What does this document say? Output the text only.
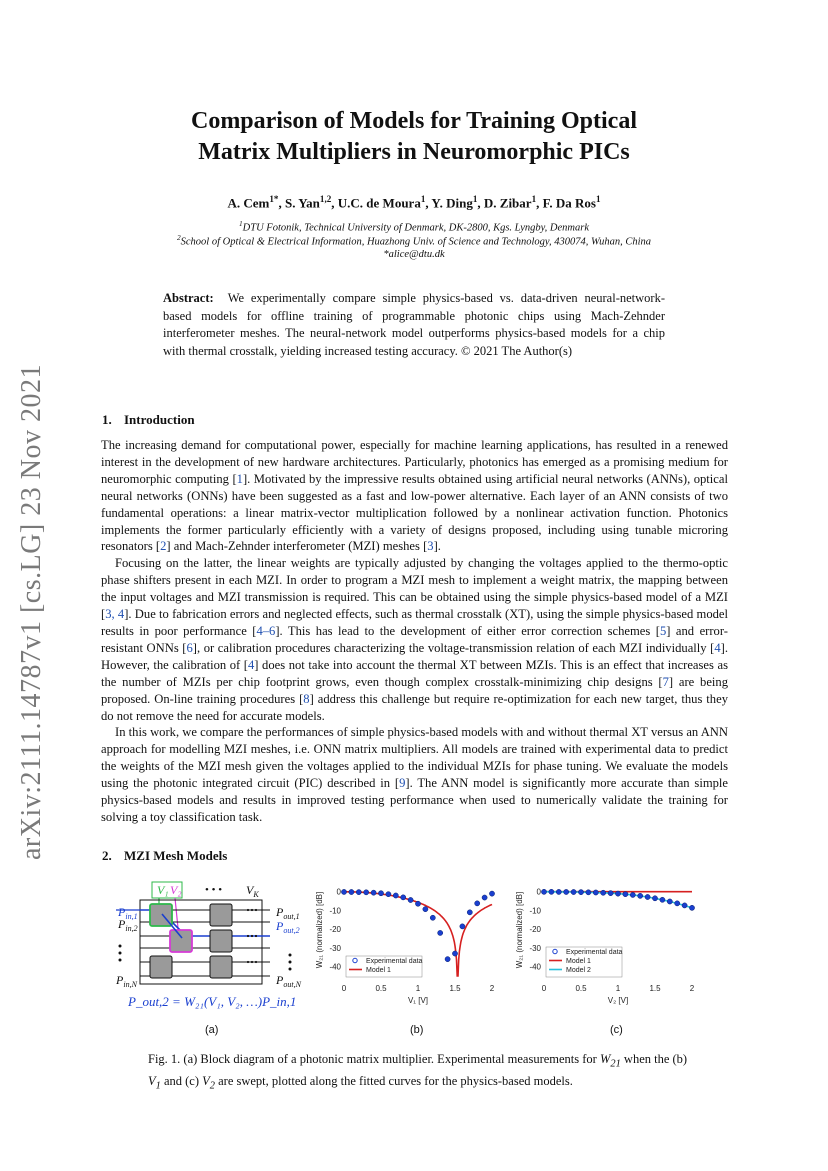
arXiv:2111.14787v1 [cs.LG] 23 Nov 2021
Comparison of Models for Training Optical
Matrix Multipliers in Neuromorphic PICs
A. Cem$^{1*}$, S. Yan$^{1,2}$, U.C. de Moura$^1$, Y. Ding$^1$, D. Zibar$^1$, F. Da Ros$^1$
$^1$DTU Fotonik, Technical University of Denmark, DK-2800, Kgs. Lyngby, Denmark
$^2$School of Optical & Electrical Information, Huazhong Univ. of Science and Technology, 430074, Wuhan, China
*alice@dtu.dk
Abstract: We experimentally compare simple physics-based vs. data-driven neural-network-based models for offline training of programmable photonic chips using Mach-Zehnder interferometer meshes. The neural-network model outperforms physics-based models for a chip with thermal crosstalk, yielding increased testing accuracy. © 2021 The Author(s)
1. Introduction

The increasing demand for computational power, especially for machine learning applications, has resulted in a renewed interest in the development of new hardware architectures. Particularly, photonics has emerged as a promising medium for neuromorphic computing [1]. Motivated by the impressive results obtained using artificial neural networks (ANNs), optical neural networks (ONNs) have been suggested as a fast and low-power alternative. Each layer of an ANN consists of two fundamental operations: a linear matrix-vector multiplication followed by a nonlinear activation function. Photonics implements the former particularly efficiently with a variety of designs proposed, including using tunable microring resonators [2] and Mach-Zehnder interferometer (MZI) meshes [3].

Focusing on the latter, the linear weights are typically adjusted by changing the voltages applied to the thermo-optic phase shifters present in each MZI. In order to program a MZI mesh to implement a weight matrix, the mapping between the input voltages and MZI transmission is required. This can be obtained using the simple physics-based model of a MZI [3, 4]. Due to fabrication errors and neglected effects, such as thermal crosstalk (XT), using the simple physics-based model results in poor performance [4–6]. This has lead to the development of either error correction schemes [5] and error-resistant ONNs [6], or calibration procedures characterizing the voltage-transmission relation of each MZI individually [4]. However, the calibration of [4] does not take into account the thermal XT between MZIs. This is an effect that increases as the number of MZIs per chip footprint grows, even though complex crosstalk-minimizing chip designs [7] are being proposed. On-line training procedures [8] address this challenge but require re-optimization for each new target, thus they do not remove the need for accurate models.

In this work, we compare the performances of simple physics-based models with and without thermal XT versus an ANN approach for modelling MZI meshes, i.e. ONN matrix multipliers. All models are trained with experimental data to predict the weights of the MZI mesh given the voltages applied to the individual MZIs for phase tuning. We evaluate the models using the photonic integrated circuit (PIC) described in [9]. The ANN model is significantly more accurate than simple physics-based models and results in improved testing performance when used to numerically validate the training for solving a toy classification task.

2. MZI Mesh Models
V₁ V₂ • • • $V_K$
$P_{in,1}$
$P_{in,2}$
$P_{in,N}$
$P_{out,1}$
$P_{out,2}$
$P_{out,N}$
P_out,2 = W₂₁(V₁, V₂, …)P_in,1
(a)
0
-10
-20
-30
-40
0	0.5	1	1.5	2
V₁ [V]
W₂₁ (normalized) [dB]	Experimental data
Model 1
0
-10
-20
-30
-40
0	0.5	1	1.5	2
V₂ [V]
W₂₁ (normalized) [dB]	Experimental data
Model 1
Model 2
Fig. 1. (a) Block diagram of a photonic matrix multiplier. Experimental measurements for $W_{21}$ when the (b) $V_1$ and (c) $V_2$ are swept, plotted along the fitted curves for the physics-based models.
(b)	(c)
